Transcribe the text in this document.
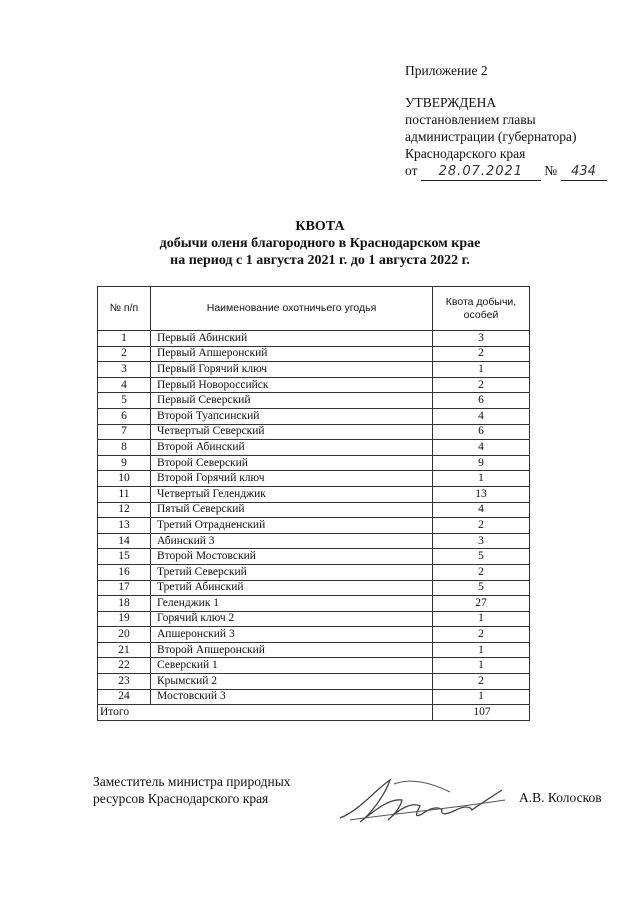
Приложение 2
УТВЕРЖДЕНА
постановлением главы
администрации (губернатора)
Краснодарского края
от 28.07.2021 № 434
КВОТА
добычи оленя благородного в Краснодарском крае
на период с 1 августа 2021 г. до 1 августа 2022 г.
№ п/п	Наименование охотничьего угодья	Квота добычи, особей
1	Первый Абинский	3
2	Первый Апшеронский	2
3	Первый Горячий ключ	1
4	Первый Новороссийск	2
5	Первый Северский	6
6	Второй Туапсинский	4
7	Четвертый Северский	6
8	Второй Абинский	4
9	Второй Северский	9
10	Второй Горячий ключ	1
11	Четвертый Геленджик	13
12	Пятый Северский	4
13	Третий Отрадненский	2
14	Абинский 3	3
15	Второй Мостовский	5
16	Третий Северский	2
17	Третий Абинский	5
18	Геленджик 1	27
19	Горячий ключ 2	1
20	Апшеронский 3	2
21	Второй Апшеронский	1
22	Северский 1	1
23	Крымский 2	2
24	Мостовский 3	1
Итого		107
Заместитель министра природных
ресурсов Краснодарского края	А.В. Колосков
